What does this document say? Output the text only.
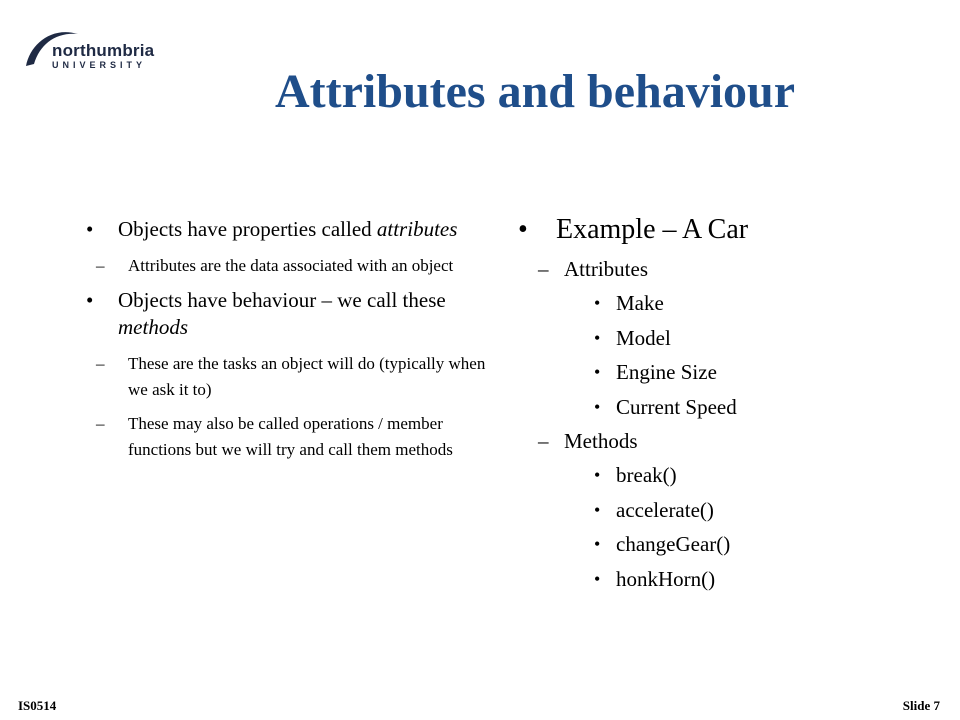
northumbria
UNIVERSITY	Attributes and behaviour
• Objects have properties called attributes
– Attributes are the data associated with an object
• Objects have behaviour – we call these methods
– These are the tasks an object will do (typically when we ask it to)
– These may also be called operations / member functions but we will try and call them methods
• Example – A Car
– Attributes
• Make
• Model
• Engine Size
• Current Speed
– Methods
• break()
• accelerate()
• changeGear()
• honkHorn()
IS0514	Slide 7
